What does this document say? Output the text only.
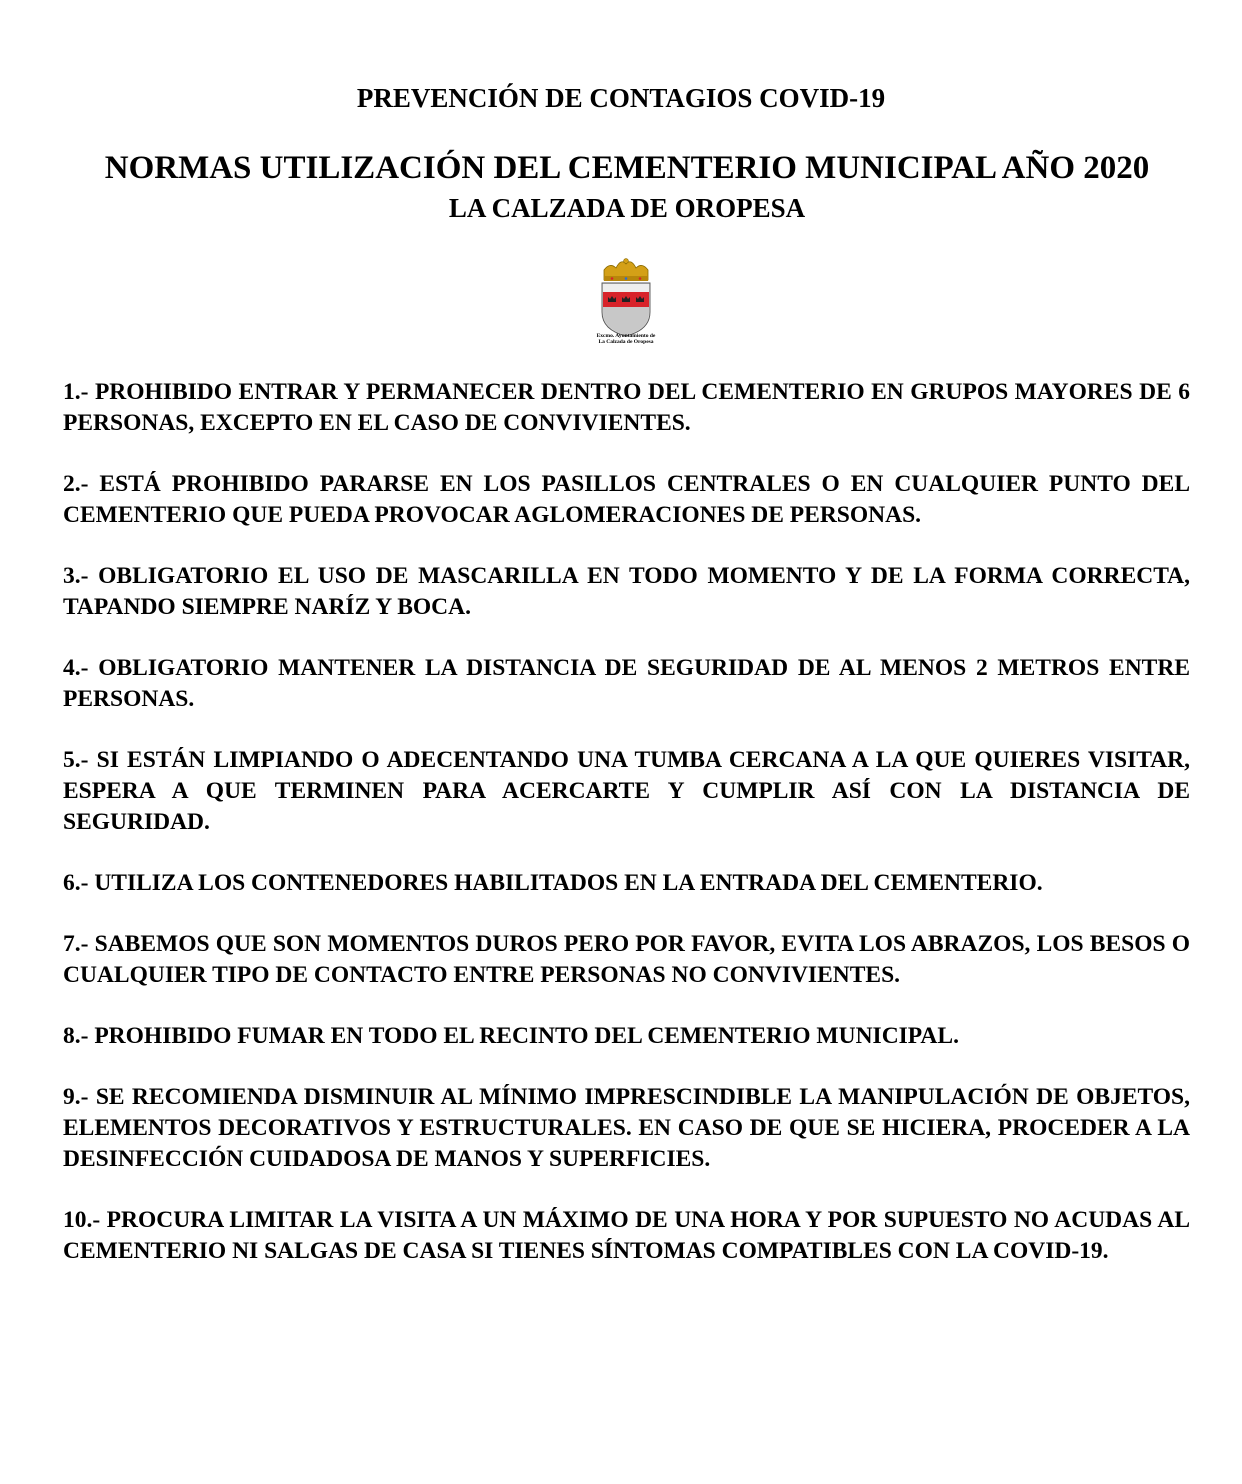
PREVENCIÓN DE CONTAGIOS COVID-19
NORMAS UTILIZACIÓN DEL CEMENTERIO MUNICIPAL AÑO 2020
LA CALZADA DE OROPESA
Excmo. Ayuntamiento de
La Calzada de Oropesa
1.- PROHIBIDO ENTRAR Y PERMANECER DENTRO DEL CEMENTERIO EN GRUPOS MAYORES DE 6 PERSONAS, EXCEPTO EN EL CASO DE CONVIVIENTES.
2.- ESTÁ PROHIBIDO PARARSE EN LOS PASILLOS CENTRALES O EN CUALQUIER PUNTO DEL CEMENTERIO QUE PUEDA PROVOCAR AGLOMERACIONES DE PERSONAS.
3.- OBLIGATORIO EL USO DE MASCARILLA EN TODO MOMENTO Y DE LA FORMA CORRECTA, TAPANDO SIEMPRE NARÍZ Y BOCA.
4.- OBLIGATORIO MANTENER LA DISTANCIA DE SEGURIDAD DE AL MENOS 2 METROS ENTRE PERSONAS.
5.- SI ESTÁN LIMPIANDO O ADECENTANDO UNA TUMBA CERCANA A LA QUE QUIERES VISITAR, ESPERA A QUE TERMINEN PARA ACERCARTE Y CUMPLIR ASÍ CON LA DISTANCIA DE SEGURIDAD.
6.- UTILIZA LOS CONTENEDORES HABILITADOS EN LA ENTRADA DEL CEMENTERIO.
7.- SABEMOS QUE SON MOMENTOS DUROS PERO POR FAVOR, EVITA LOS ABRAZOS, LOS BESOS O CUALQUIER TIPO DE CONTACTO ENTRE PERSONAS NO CONVIVIENTES.
8.- PROHIBIDO FUMAR EN TODO EL RECINTO DEL CEMENTERIO MUNICIPAL.
9.- SE RECOMIENDA DISMINUIR AL MÍNIMO IMPRESCINDIBLE LA MANIPULACIÓN DE OBJETOS, ELEMENTOS DECORATIVOS Y ESTRUCTURALES. EN CASO DE QUE SE HICIERA, PROCEDER A LA DESINFECCIÓN CUIDADOSA DE MANOS Y SUPERFICIES.
10.- PROCURA LIMITAR LA VISITA A UN MÁXIMO DE UNA HORA Y POR SUPUESTO NO ACUDAS AL CEMENTERIO NI SALGAS DE CASA SI TIENES SÍNTOMAS COMPATIBLES CON LA COVID-19.
